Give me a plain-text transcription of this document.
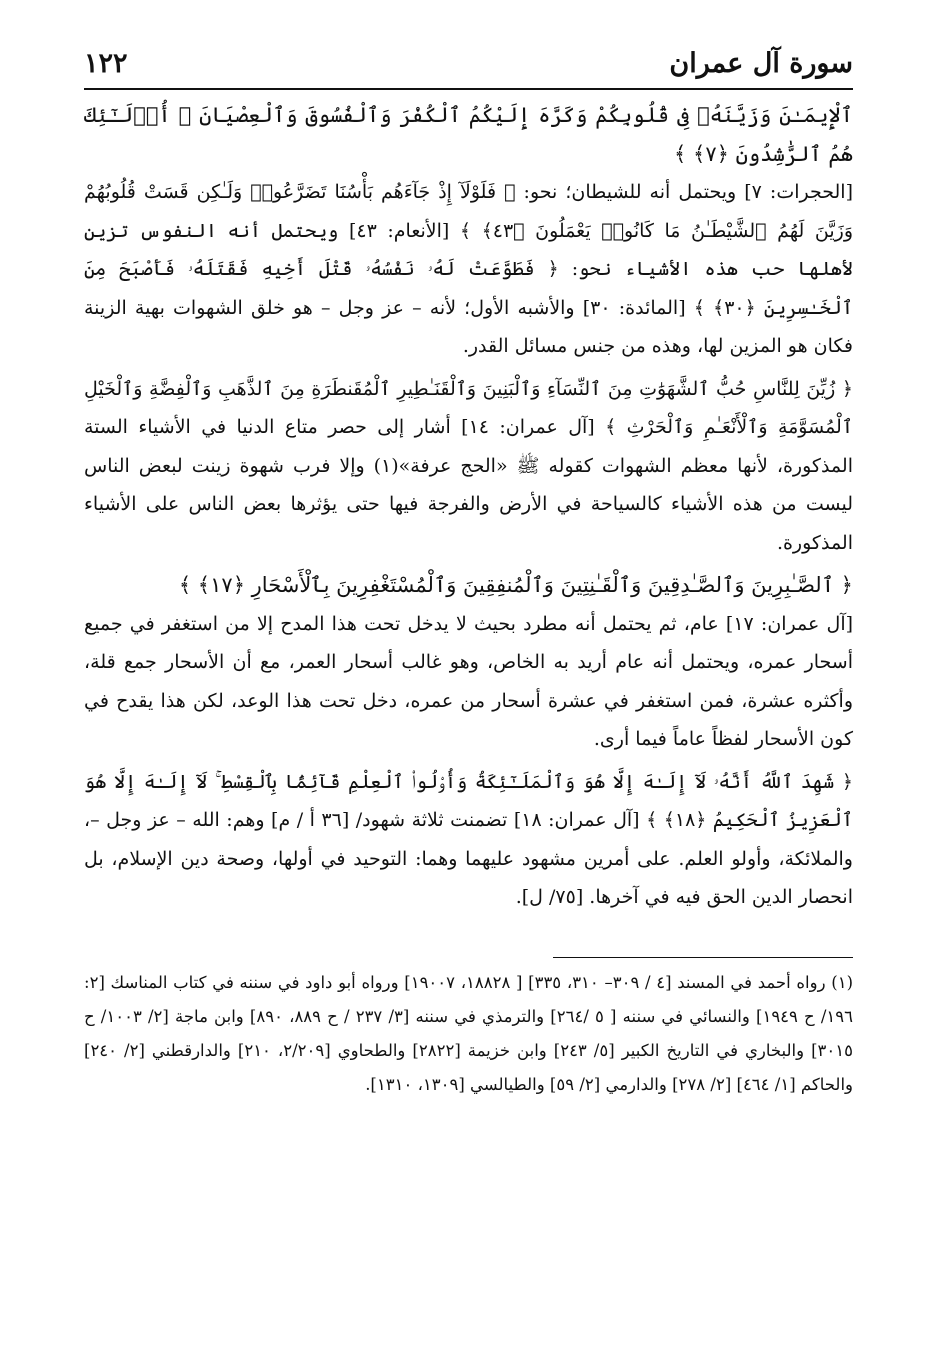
سورة آل عمران
١٢٢

ٱلْإِيمَـٰنَ وَزَيَّنَهُۥ فِى قُلُوبِكُمْ وَكَرَّهَ إِلَيْكُمُ ٱلْكُفْرَ وَٱلْفُسُوقَ وَٱلْعِصْيَانَ ۚ أُو۟لَـٰٓئِكَ هُمُ ٱلرَّٰشِدُونَ ﴿٧﴾ ﴾

[الحجرات: ٧] ويحتمل أنه للشيطان؛ نحو: ﴿ فَلَوْلَآ إِذْ جَآءَهُم بَأْسُنَا تَضَرَّعُوا۟ وَلَـٰكِن قَسَتْ قُلُوبُهُمْ وَزَيَّنَ لَهُمُ ٱلشَّيْطَـٰنُ مَا كَانُوا۟ يَعْمَلُونَ ﴿٤٣﴾ ﴾ [الأنعام: ٤٣] ويحتمل أنه النفوس تزين لأهلها حب هذه الأشياء نحو: ﴿ فَطَوَّعَتْ لَهُۥ نَفْسُهُۥ قَتْلَ أَخِيهِ فَقَتَلَهُۥ فَأَصْبَحَ مِنَ ٱلْخَـٰسِرِينَ ﴿٣٠﴾ ﴾ [المائدة: ٣٠] والأشبه الأول؛ لأنه – عز وجل – هو خلق الشهوات بهية الزينة فكان هو المزين لها، وهذه من جنس مسائل القدر.

﴿ زُيِّنَ لِلنَّاسِ حُبُّ ٱلشَّهَوَٰتِ مِنَ ٱلنِّسَآءِ وَٱلْبَنِينَ وَٱلْقَنَـٰطِيرِ ٱلْمُقَنطَرَةِ مِنَ ٱلذَّهَبِ وَٱلْفِضَّةِ وَٱلْخَيْلِ ٱلْمُسَوَّمَةِ وَٱلْأَنْعَـٰمِ وَٱلْحَرْثِ ﴾ [آل عمران: ١٤] أشار إلى حصر متاع الدنيا في الأشياء الستة المذكورة، لأنها معظم الشهوات كقوله ﷺ «الحج عرفة»(١) وإلا فرب شهوة زينت لبعض الناس ليست من هذه الأشياء كالسياحة في الأرض والفرجة فيها حتى يؤثرها بعض الناس على الأشياء المذكورة.

﴿ ٱلصَّـٰبِرِينَ وَٱلصَّـٰدِقِينَ وَٱلْقَـٰنِتِينَ وَٱلْمُنفِقِينَ وَٱلْمُسْتَغْفِرِينَ بِٱلْأَسْحَارِ ﴿١٧﴾ ﴾

[آل عمران: ١٧] عام، ثم يحتمل أنه مطرد بحيث لا يدخل تحت هذا المدح إلا من استغفر في جميع أسحار عمره، ويحتمل أنه عام أريد به الخاص، وهو غالب أسحار العمر، مع أن الأسحار جمع قلة، وأكثره عشرة، فمن استغفر في عشرة أسحار من عمره، دخل تحت هذا الوعد، لكن هذا يقدح في كون الأسحار لفظاً عاماً فيما أرى.

﴿ شَهِدَ ٱللَّهُ أَنَّهُۥ لَآ إِلَـٰهَ إِلَّا هُوَ وَٱلْمَلَـٰٓئِكَةُ وَأُو۟لُوا۟ ٱلْعِلْمِ قَآئِمًۢا بِٱلْقِسْطِ ۚ لَآ إِلَـٰهَ إِلَّا هُوَ ٱلْعَزِيزُ ٱلْحَكِيمُ ﴿١٨﴾ ﴾ [آل عمران: ١٨] تضمنت ثلاثة شهود/ [٣٦ أ / م] وهم: الله – عز وجل –، والملائكة، وأولو العلم. على أمرين مشهود عليهما وهما: التوحيد في أولها، وصحة دين الإسلام، بل انحصار الدين الحق فيه في آخرها. [٧٥/ ل].

(١) رواه أحمد في المسند [٤ / ٣٠٩– ٣١٠، ٣٣٥] [ ١٨٨٢٨، ١٩٠٠٧] ورواه أبو داود في سننه في كتاب المناسك [٢: ١٩٦/ ح ١٩٤٩] والنسائي في سننه [ ٥ /٢٦٤] والترمذي في سننه [٣/ ٢٣٧ / ح ٨٨٩، ٨٩٠] وابن ماجة [٢/ ١٠٠٣/ ح ٣٠١٥] والبخاري في التاريخ الكبير [٥/ ٢٤٣] وابن خزيمة [٢٨٢٢] والطحاوي [٢/٢٠٩، ٢١٠] والدارقطني [٢/ ٢٤٠] والحاكم [١/ ٤٦٤] [٢/ ٢٧٨] والدارمي [٢/ ٥٩] والطيالسي [١٣٠٩، ١٣١٠].
